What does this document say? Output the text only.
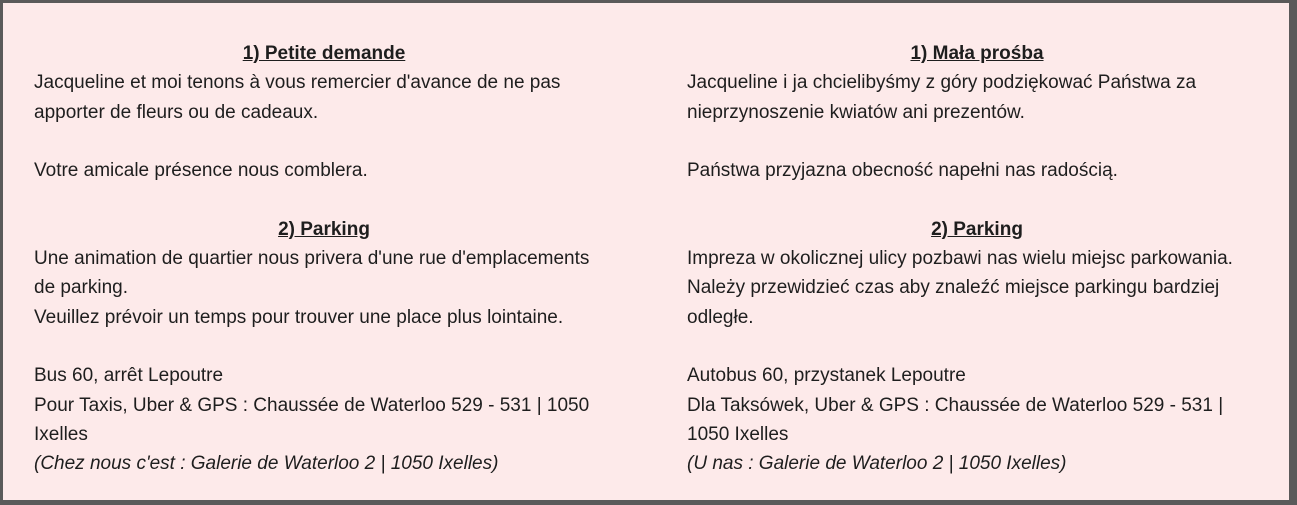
1) Petite demande
Jacqueline et moi tenons à vous remercier d'avance de ne pas
apporter de fleurs ou de cadeaux.
Votre amicale présence nous comblera.
2) Parking
Une animation de quartier nous privera d'une rue d'emplacements
de parking.
Veuillez prévoir un temps pour trouver une place plus lointaine.
Bus 60, arrêt Lepoutre
Pour Taxis, Uber & GPS : Chaussée de Waterloo 529 - 531 | 1050
Ixelles
(Chez nous c'est : Galerie de Waterloo 2 | 1050 Ixelles)
1) Mała prośba
Jacqueline i ja chcielibyśmy z góry podziękować Państwa za
nieprzynoszenie kwiatów ani prezentów.
Państwa przyjazna obecność napełni nas radością.
2) Parking
Impreza w okolicznej ulicy pozbawi nas wielu miejsc parkowania.
Należy przewidzieć czas aby znaleźć miejsce parkingu bardziej
odległe.
Autobus 60, przystanek Lepoutre
Dla Taksówek, Uber & GPS : Chaussée de Waterloo 529 - 531 |
1050 Ixelles
(U nas : Galerie de Waterloo 2 | 1050 Ixelles)
